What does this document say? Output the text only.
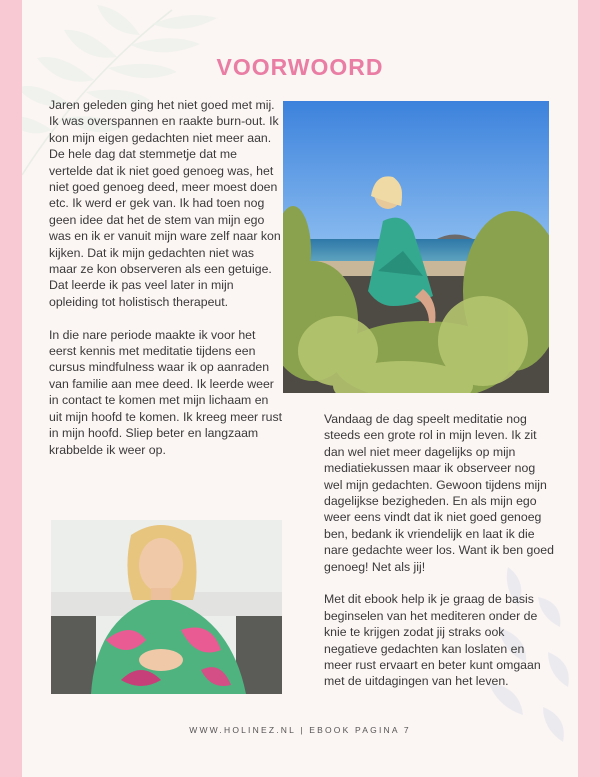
VOORWOORD

Jaren geleden ging het niet goed met mij. Ik was overspannen en raakte burn-out. Ik kon mijn eigen gedachten niet meer aan. De hele dag dat stemmetje dat me vertelde dat ik niet goed genoeg was, het niet goed genoeg deed, meer moest doen etc. Ik werd er gek van. Ik had toen nog geen idee dat het de stem van mijn ego was en ik er vanuit mijn ware zelf naar kon kijken. Dat ik mijn gedachten niet was maar ze kon observeren als een getuige. Dat leerde ik pas veel later in mijn opleiding tot holistisch therapeut.

In die nare periode maakte ik voor het eerst kennis met meditatie tijdens een cursus mindfulness waar ik op aanraden van familie aan mee deed. Ik leerde weer in contact te komen met mijn lichaam en uit mijn hoofd te komen. Ik kreeg meer rust in mijn hoofd. Sliep beter en langzaam krabbelde ik weer op.

Vandaag de dag speelt meditatie nog steeds een grote rol in mijn leven. Ik zit dan wel niet meer dagelijks op mijn mediatiekussen maar ik observeer nog wel mijn gedachten. Gewoon tijdens mijn dagelijkse bezigheden. En als mijn ego weer eens vindt dat ik niet goed genoeg ben, bedank ik vriendelijk en laat ik die nare gedachte weer los. Want ik ben goed genoeg! Net als jij!

Met dit ebook help ik je graag de basis beginselen van het mediteren onder de knie te krijgen zodat jij straks ook negatieve gedachten kan loslaten en meer rust ervaart en beter kunt omgaan met de uitdagingen van het leven.

WWW.HOLINEZ.NL | EBOOK PAGINA 7
